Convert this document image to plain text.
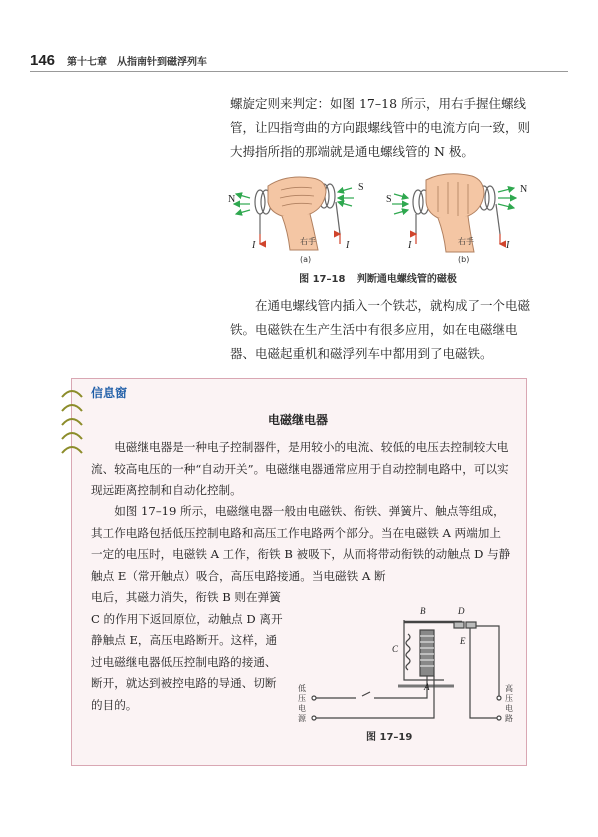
146 第十七章　从指南针到磁浮列车
螺旋定则来判定：如图 17–18 所示，用右手握住螺线管，让四指弯曲的方向跟螺线管中的电流方向一致，则大拇指所指的那端就是通电螺线管的 N 极。
N
S
I	I
S
N
I	I
右手	右手
(a)	(b)
图 17–18 判断通电螺线管的磁极
在通电螺线管内插入一个铁芯，就构成了一个电磁铁。电磁铁在生产生活中有很多应用，如在电磁继电器、电磁起重机和磁浮列车中都用到了电磁铁。
信息窗
电磁继电器
电磁继电器是一种电子控制器件，是用较小的电流、较低的电压去控制较大电流、较高电压的一种“自动开关”。电磁继电器通常应用于自动控制电路中，可以实现远距离控制和自动化控制。
如图 17–19 所示，电磁继电器一般由电磁铁、衔铁、弹簧片、触点等组成，其工作电路包括低压控制电路和高压工作电路两个部分。当在电磁铁 A 两端加上一定的电压时，电磁铁 A 工作，衔铁 B 被吸下，从而将带动衔铁的动触点 D 与静触点 E（常开触点）吸合，高压电路接通。当电磁铁 A 断
电后，其磁力消失，衔铁 B 则在弹簧 C 的作用下返回原位，动触点 D 离开静触点 E，高压电路断开。这样，通过电磁继电器低压控制电路的接通、断开，就达到被控电路的导通、切断的目的。
B	D
E
C
A
低
压
电
源
高
压
电
路
图 17–19
